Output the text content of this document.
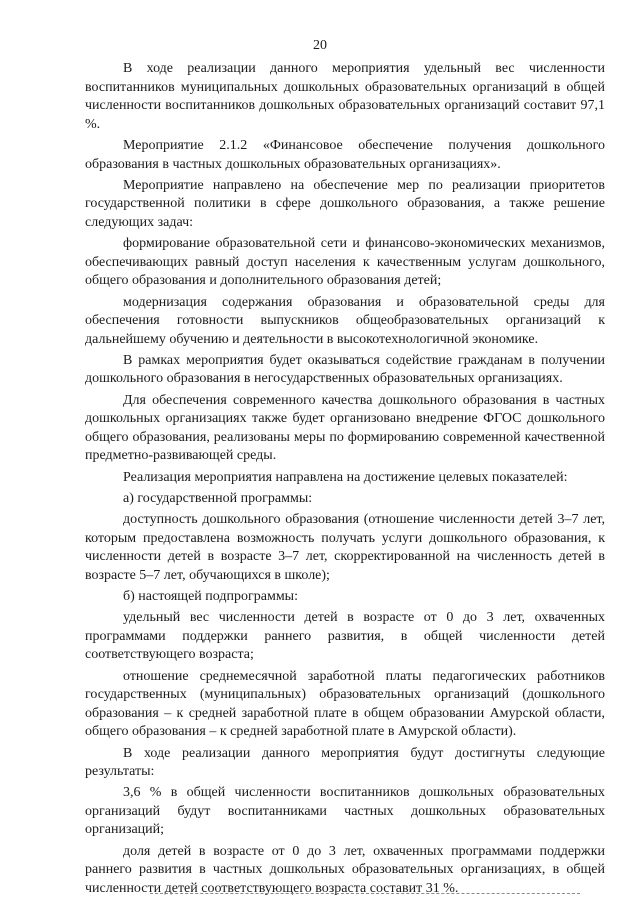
20

В ходе реализации данного мероприятия удельный вес численности воспитанников муниципальных дошкольных образовательных организаций в общей численности воспитанников дошкольных образовательных организаций составит 97,1 %.

Мероприятие 2.1.2 «Финансовое обеспечение получения дошкольного образования в частных дошкольных образовательных организациях».

Мероприятие направлено на обеспечение мер по реализации приоритетов государственной политики в сфере дошкольного образования, а также решение следующих задач:

формирование образовательной сети и финансово-экономических механизмов, обеспечивающих равный доступ населения к качественным услугам дошкольного, общего образования и дополнительного образования детей;

модернизация содержания образования и образовательной среды для обеспечения готовности выпускников общеобразовательных организаций к дальнейшему обучению и деятельности в высокотехнологичной экономике.

В рамках мероприятия будет оказываться содействие гражданам в получении дошкольного образования в негосударственных образовательных организациях.

Для обеспечения современного качества дошкольного образования в частных дошкольных организациях также будет организовано внедрение ФГОС дошкольного общего образования, реализованы меры по формированию современной качественной предметно-развивающей среды.

Реализация мероприятия направлена на достижение целевых показателей:

а) государственной программы:

доступность дошкольного образования (отношение численности детей 3–7 лет, которым предоставлена возможность получать услуги дошкольного образования, к численности детей в возрасте 3–7 лет, скорректированной на численность детей в возрасте 5–7 лет, обучающихся в школе);

б) настоящей подпрограммы:

удельный вес численности детей в возрасте от 0 до 3 лет, охваченных программами поддержки раннего развития, в общей численности детей соответствующего возраста;

отношение среднемесячной заработной платы педагогических работников государственных (муниципальных) образовательных организаций (дошкольного образования – к средней заработной плате в общем образовании Амурской области, общего образования – к средней заработной плате в Амурской области).

В ходе реализации данного мероприятия будут достигнуты следующие результаты:

3,6 % в общей численности воспитанников дошкольных образовательных организаций будут воспитанниками частных дошкольных образовательных организаций;

доля детей в возрасте от 0 до 3 лет, охваченных программами поддержки раннего развития в частных дошкольных образовательных организациях, в общей численности детей соответствующего возраста составит 31 %.
